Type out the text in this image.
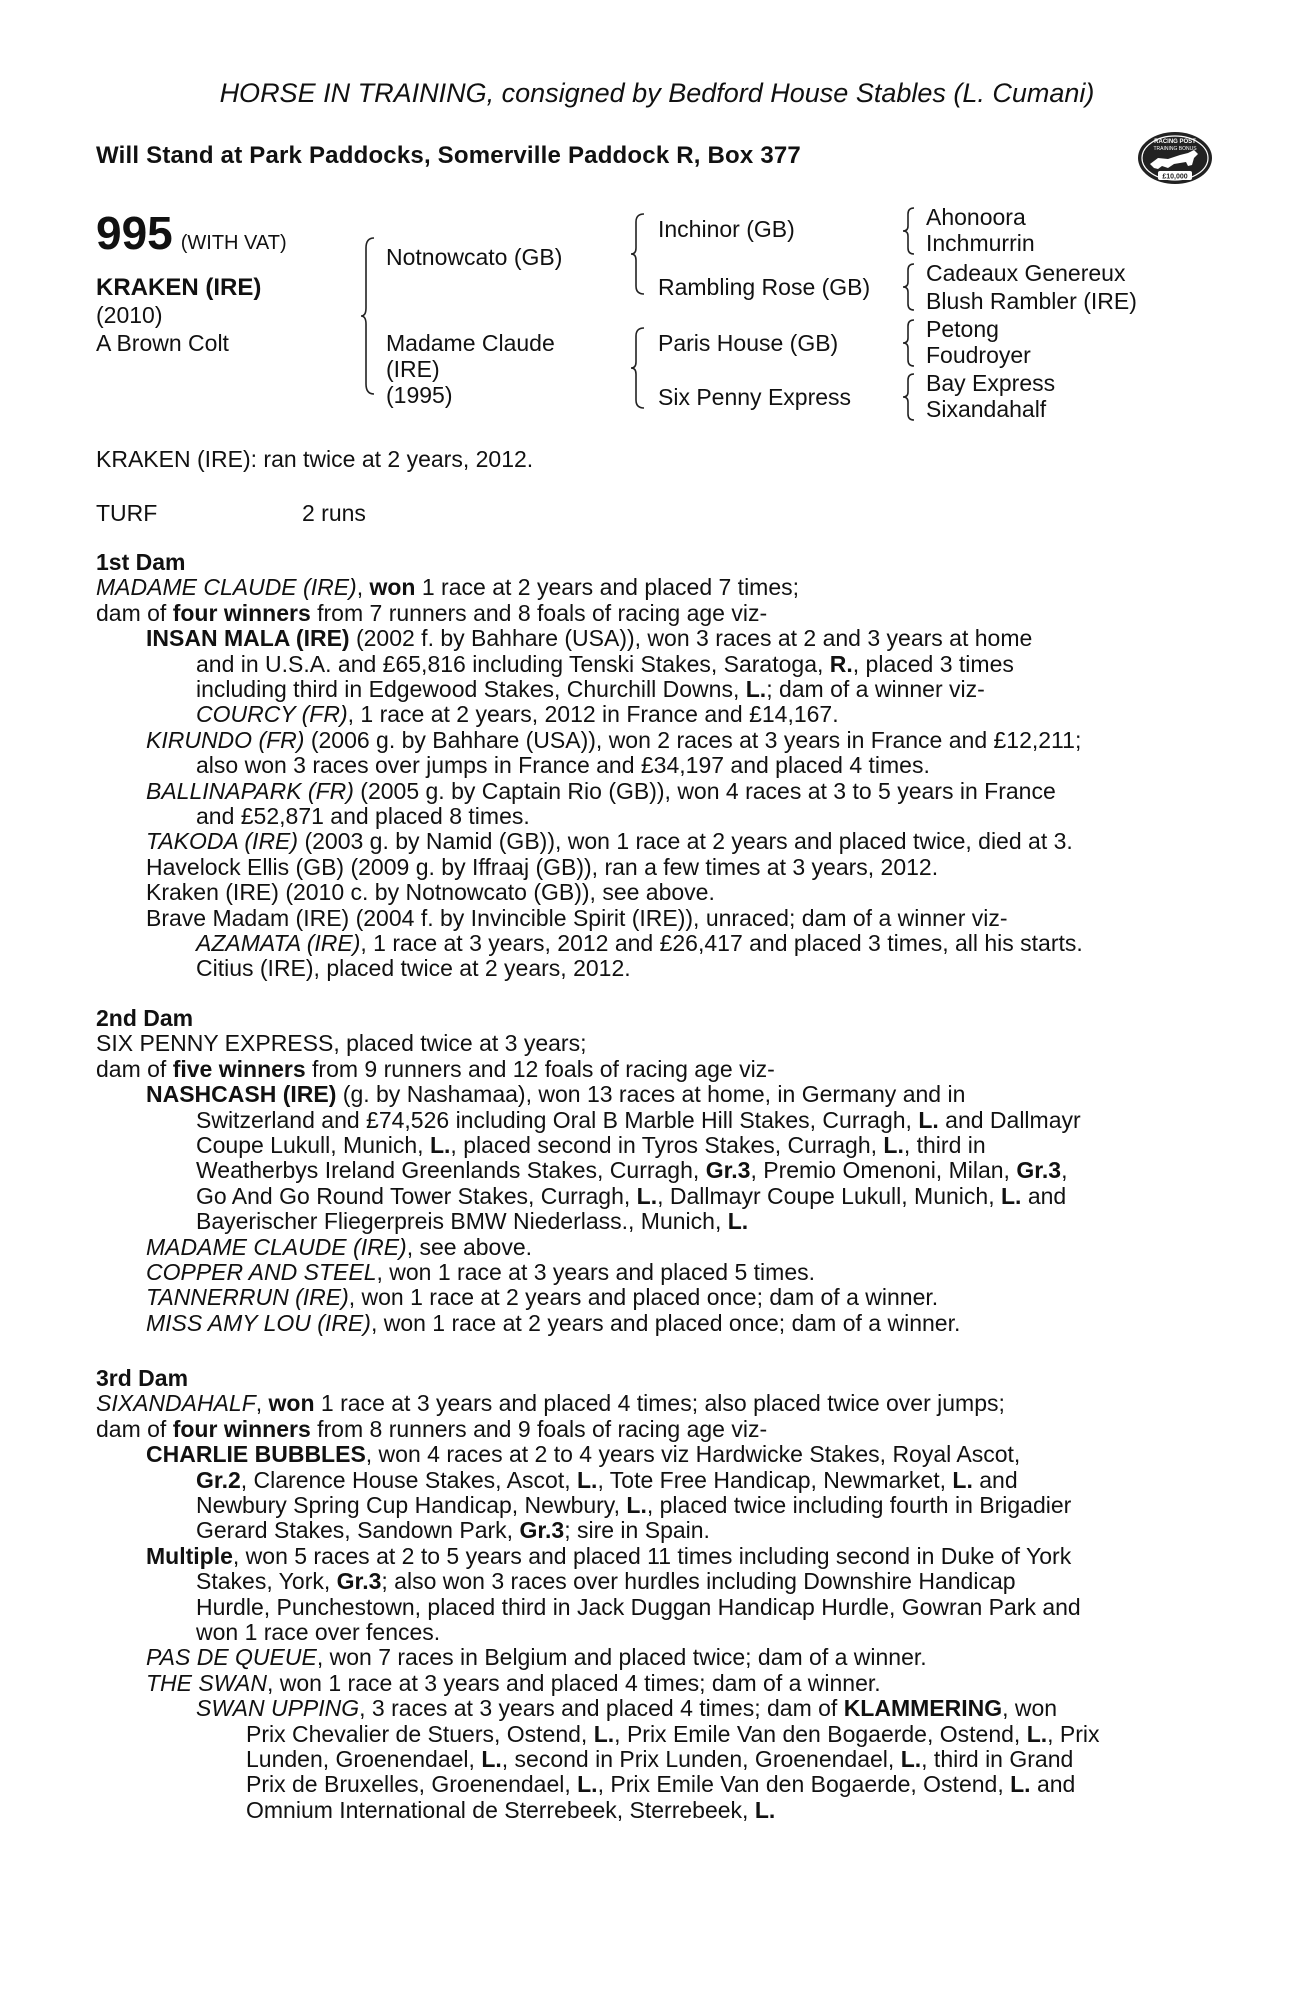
HORSE IN TRAINING, consigned by Bedford House Stables (L. Cumani)
Will Stand at Park Paddocks, Somerville Paddock R, Box 377	RACING POST
TRAINING BONUS
£10,000
995 (WITH VAT)
KRAKEN (IRE)
(2010)
A Brown Colt
Notnowcato (GB)
Madame Claude
(IRE)
(1995)
Inchinor (GB)
Rambling Rose (GB)
Paris House (GB)
Six Penny Express
Ahonoora
Inchmurrin
Cadeaux Genereux
Blush Rambler (IRE)
Petong
Foudroyer
Bay Express
Sixandahalf
KRAKEN (IRE): ran twice at 2 years, 2012.
TURF	2 runs
1st Dam
MADAME CLAUDE (IRE), won 1 race at 2 years and placed 7 times;
dam of four winners from 7 runners and 8 foals of racing age viz-
INSAN MALA (IRE) (2002 f. by Bahhare (USA)), won 3 races at 2 and 3 years at home
and in U.S.A. and £65,816 including Tenski Stakes, Saratoga, R., placed 3 times
including third in Edgewood Stakes, Churchill Downs, L.; dam of a winner viz-
COURCY (FR), 1 race at 2 years, 2012 in France and £14,167.
KIRUNDO (FR) (2006 g. by Bahhare (USA)), won 2 races at 3 years in France and £12,211;
also won 3 races over jumps in France and £34,197 and placed 4 times.
BALLINAPARK (FR) (2005 g. by Captain Rio (GB)), won 4 races at 3 to 5 years in France
and £52,871 and placed 8 times.
TAKODA (IRE) (2003 g. by Namid (GB)), won 1 race at 2 years and placed twice, died at 3.
Havelock Ellis (GB) (2009 g. by Iffraaj (GB)), ran a few times at 3 years, 2012.
Kraken (IRE) (2010 c. by Notnowcato (GB)), see above.
Brave Madam (IRE) (2004 f. by Invincible Spirit (IRE)), unraced; dam of a winner viz-
AZAMATA (IRE), 1 race at 3 years, 2012 and £26,417 and placed 3 times, all his starts.
Citius (IRE), placed twice at 2 years, 2012.
2nd Dam
SIX PENNY EXPRESS, placed twice at 3 years;
dam of five winners from 9 runners and 12 foals of racing age viz-
NASHCASH (IRE) (g. by Nashamaa), won 13 races at home, in Germany and in
Switzerland and £74,526 including Oral B Marble Hill Stakes, Curragh, L. and Dallmayr
Coupe Lukull, Munich, L., placed second in Tyros Stakes, Curragh, L., third in
Weatherbys Ireland Greenlands Stakes, Curragh, Gr.3, Premio Omenoni, Milan, Gr.3,
Go And Go Round Tower Stakes, Curragh, L., Dallmayr Coupe Lukull, Munich, L. and
Bayerischer Fliegerpreis BMW Niederlass., Munich, L.
MADAME CLAUDE (IRE), see above.
COPPER AND STEEL, won 1 race at 3 years and placed 5 times.
TANNERRUN (IRE), won 1 race at 2 years and placed once; dam of a winner.
MISS AMY LOU (IRE), won 1 race at 2 years and placed once; dam of a winner.
3rd Dam
SIXANDAHALF, won 1 race at 3 years and placed 4 times; also placed twice over jumps;
dam of four winners from 8 runners and 9 foals of racing age viz-
CHARLIE BUBBLES, won 4 races at 2 to 4 years viz Hardwicke Stakes, Royal Ascot,
Gr.2, Clarence House Stakes, Ascot, L., Tote Free Handicap, Newmarket, L. and
Newbury Spring Cup Handicap, Newbury, L., placed twice including fourth in Brigadier
Gerard Stakes, Sandown Park, Gr.3; sire in Spain.
Multiple, won 5 races at 2 to 5 years and placed 11 times including second in Duke of York
Stakes, York, Gr.3; also won 3 races over hurdles including Downshire Handicap
Hurdle, Punchestown, placed third in Jack Duggan Handicap Hurdle, Gowran Park and
won 1 race over fences.
PAS DE QUEUE, won 7 races in Belgium and placed twice; dam of a winner.
THE SWAN, won 1 race at 3 years and placed 4 times; dam of a winner.
SWAN UPPING, 3 races at 3 years and placed 4 times; dam of KLAMMERING, won
Prix Chevalier de Stuers, Ostend, L., Prix Emile Van den Bogaerde, Ostend, L., Prix
Lunden, Groenendael, L., second in Prix Lunden, Groenendael, L., third in Grand
Prix de Bruxelles, Groenendael, L., Prix Emile Van den Bogaerde, Ostend, L. and
Omnium International de Sterrebeek, Sterrebeek, L.
